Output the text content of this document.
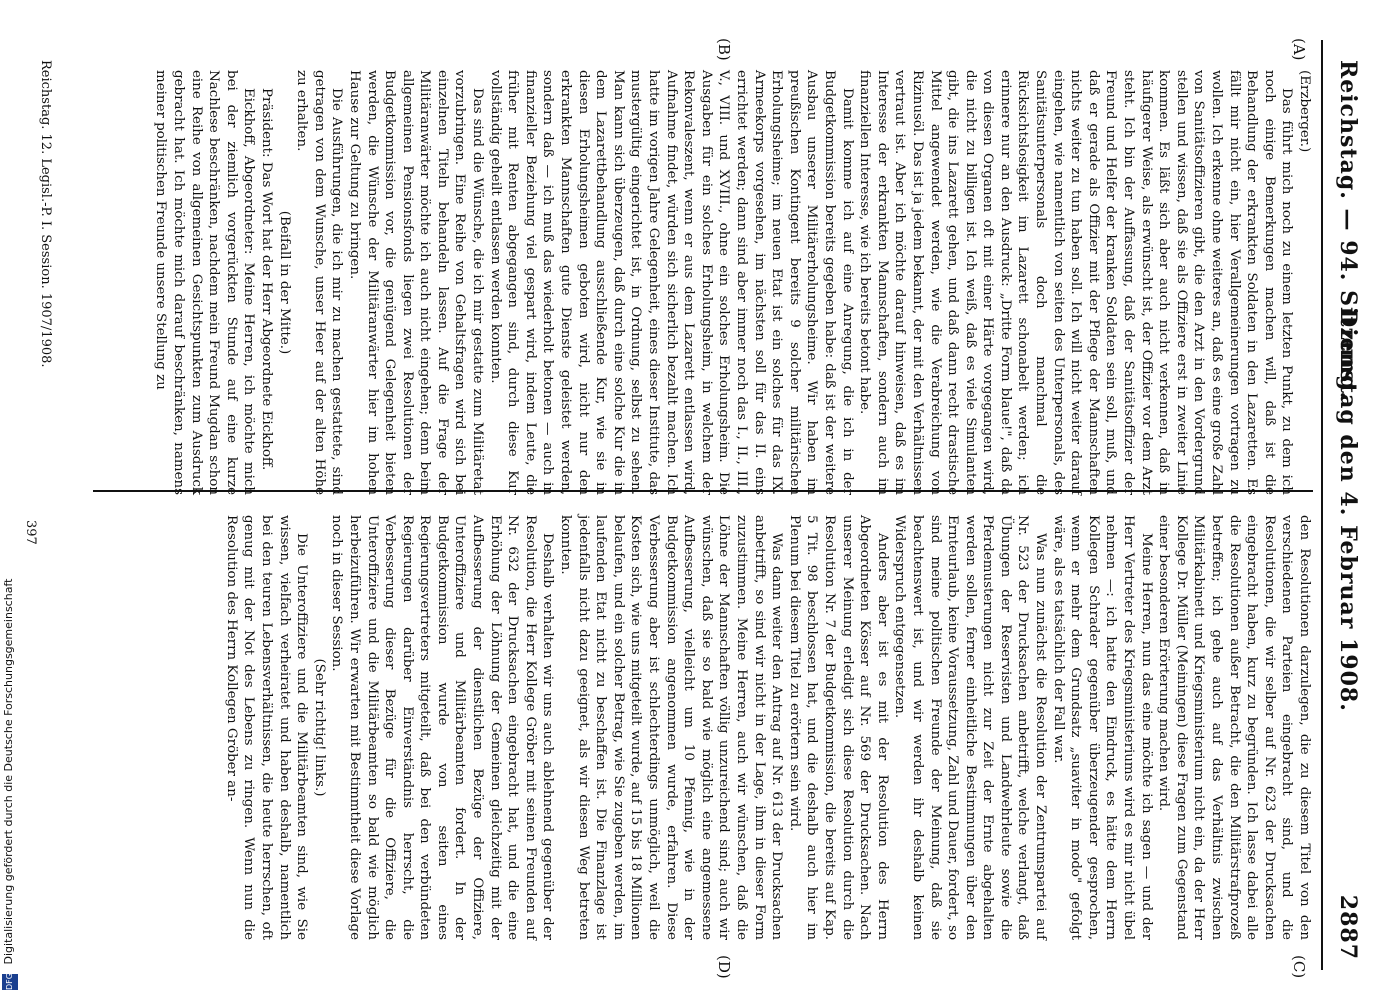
Reichstag. — 94. Sitzung.
Dienstag den 4. Februar 1908.
2887
(A)
(B)
(C)
(D)

(Erzberger.)

Das führt mich noch zu einem letzten Punkt, zu dem ich noch einige Bemerkungen machen will, daß ist die Behandlung der erkrankten Soldaten in den Lazaretten. Es fällt mir nicht ein, hier Verallgemeinerungen vortragen zu wollen. Ich erkenne ohne weiteres an, daß es eine große Zahl von Sanitätsoffizieren gibt, die den Arzt in den Vordergrund stellen und wissen, daß sie als Offiziere erst in zweiter Linie kommen. Es läßt sich aber auch nicht verkennen, daß in häufigerer Weise, als erwünscht ist, der Offizier vor dem Arzt steht. Ich bin der Auffassung, daß der Sanitätsoffizier der Freund und Helfer der kranken Soldaten sein soll, muß, und daß er gerade als Offizier mit der Pflege der Mannschaften nichts weiter zu tun haben soll. Ich will nicht weiter darauf eingehen, wie namentlich von seiten des Unterpersonals, des Sanitätsunterpersonals doch manchmal die Rücksichtslosigkeit im Lazarett schonabelt werden; ich erinnere nur an den Ausdruck: „Dritte Form blaue!", daß da von diesen Organen oft mit einer Härte vorgegangen wird, die nicht zu billigen ist. Ich weiß, daß es viele Simulanten gibt, die ins Lazarett gehen, und daß dann recht drastische Mittel angewendet werden, wie die Verabreichung von Rizinusöl. Das ist ja jedem bekannt, der mit den Verhältnissen vertraut ist. Aber ich möchte darauf hinweisen, daß es im Interesse der erkrankten Mannschaften, sondern auch im finanziellen Interesse, wie ich bereits betont habe.

Damit komme ich auf eine Anregung, die ich in der Budgetkommission bereits gegeben habe: daß ist der weitere Ausbau unserer Militärerholungsheime. Wir haben im preußischen Kontingent bereits 9 solcher militärischen Erholungsheime; im neuen Etat ist ein solches für das IX. Armeekorps vorgesehen, im nächsten soll für das II. eins errichtet werden; dann sind aber immer noch das I., II., III., V., VIII. und XVIII., ohne ein solches Erholungsheim. Die Ausgaben für ein solches Erholungsheim, in welchem der Rekonvaleszent, wenn er aus dem Lazarett entlassen wird, Aufnahme findet, würden sich sicherlich bezahlt machen. Ich hatte im vorigen Jahre Gelegenheit, eines dieser Institute, das mustergültig eingerichtet ist, in Ordnung, selbst zu sehen. Man kann sich überzeugen, daß durch eine solche Kur die in dem Lazarettbehandlung ausschließende Kur, wie sie in diesen Erholungsheimen geboten wird, nicht nur den erkrankten Mannschaften gute Dienste geleistet werden, sondern daß — ich muß das wiederholt betonen — auch in finanzieller Beziehung viel gespart wird, indem Leute, die früher mit Renten abgegangen sind, durch diese Kur vollständig geheilt entlassen werden konnten.

Das sind die Wünsche, die ich mir gestatte zum Militäretat vorzubringen. Eine Reihe von Gehaltsfragen wird sich bei einzelnen Titeln behandeln lassen. Auf die Frage der Militäranwärter möchte ich auch nicht eingehen; denn beim allgemeinen Pensionsfonds liegen zwei Resolutionen der Budgetkommission vor, die genügend Gelegenheit bieten werden, die Wünsche der Militäranwärter hier im hohen Hause zur Geltung zu bringen.

Die Ausführungen, die ich mir zu machen gestattete, sind getragen von dem Wunsche, unser Heer auf der alten Höhe zu erhalten.

(Beifall in der Mitte.)

Präsident: Das Wort hat der Herr Abgeordnete Eickhoff.

Eickhoff, Abgeordneter: Meine Herren, ich möchte mich bei der ziemlich vorgerückten Stunde auf eine kurze Nachlese beschränken, nachdem mein Freund Mugdan schon eine Reihe von allgemeinen Gesichtspunkten zum Ausdruck gebracht hat. Ich möchte mich darauf beschränken, namens meiner politischen Freunde unsere Stellung zu

den Resolutionen darzulegen, die zu diesem Titel von den verschiedenen Parteien eingebracht sind, und die Resolutionen, die wir selber auf Nr. 623 der Drucksachen eingebracht haben, kurz zu begründen. Ich lasse dabei alle die Resolutionen außer Betracht, die den Militärstrafprozeß betreffen; ich gehe auch auf das Verhältnis zwischen Militärkabinett und Kriegsministerium nicht ein, da der Herr Kollege Dr. Müller (Meiningen) diese Fragen zum Gegenstand einer besonderen Erörterung machen wird.

Meine Herren, nun das eine möchte ich sagen — und der Herr Vertreter des Kriegsministeriums wird es mir nicht übel nehmen —: ich hatte den Eindruck, es hätte dem Herrn Kollegen Schrader gegenüber überzeugender gesprochen, wenn er mehr dem Grundsatz „suaviter in modo" gefolgt wäre, als es tatsächlich der Fall war.

Was nun zunächst die Resolution der Zentrumspartei auf Nr. 523 der Drucksachen anbetrifft, welche verlangt, daß Übungen der Reservisten und Landwehrleute sowie die Pferdemusterungen nicht zur Zeit der Ernte abgehalten werden sollen, ferner einheitliche Bestimmungen über den Ernteurlaub, keine Voraussetzung, Zahl und Dauer, fordert, so sind meine politischen Freunde der Meinung, daß sie beachtenswert ist, und wir werden ihr deshalb keinen Widerspruch entgegensetzen.

Anders aber ist es mit der Resolution des Herrn Abgeordneten Kösser auf Nr. 569 der Drucksachen. Nach unserer Meinung erledigt sich diese Resolution durch die Resolution Nr. 7 der Budgetkommission, die bereits auf Kap. 5 Tit. 98 beschlossen hat, und die deshalb auch hier im Plenum bei diesem Titel zu erörtern sein wird.

Was dann weiter den Antrag auf Nr. 613 der Drucksachen anbetrifft, so sind wir nicht in der Lage, ihm in dieser Form zuzustimmen. Meine Herren, auch wir wünschen, daß die Löhne der Mannschaften völlig unzureichend sind; auch wir wünschen, daß sie so bald wie möglich eine angemessene Aufbesserung, vielleicht um 10 Pfennig, wie in der Budgetkommission angenommen wurde, erfahren. Diese Verbesserung aber ist schlechterdings unmöglich, weil die Kosten sich, wie uns mitgeteilt wurde, auf 15 bis 18 Millionen belaufen, und ein solcher Betrag, wie Sie zugeben werden, im laufenden Etat nicht zu beschaffen ist. Die Finanzlage ist jedenfalls nicht dazu geeignet, als wir diesen Weg betreten konnten.

Deshalb verhalten wir uns auch ablehnend gegenüber der Resolution, die Herr Kollege Gröber mit seinen Freunden auf Nr. 632 der Drucksachen eingebracht hat, und die eine Erhöhung der Löhnung der Gemeinen gleichzeitig mit der Aufbesserung der dienstlichen Bezüge der Offiziere, Unteroffiziere und Militärbeamten fordert. In der Budgetkommission wurde von seiten eines Regierungsvertreters mitgeteilt, daß bei den verbündeten Regierungen darüber Einverständnis herrscht, die Verbesserung dieser Bezüge für die Offiziere, die Unteroffiziere und die Militärbeamten so bald wie möglich herbeizuführen. Wir erwarten mit Bestimmtheit diese Vorlage noch in dieser Session.

(Sehr richtig! links.)

Die Unteroffiziere und die Militärbeamten sind, wie Sie wissen, vielfach verheiratet und haben deshalb, namentlich bei den teuren Lebensverhältnissen, die heute herrschen, oft genug mit der Not des Lebens zu ringen. Wenn nun die Resolution des Herrn Kollegen Gröber an-

Reichstag. 12. Legisl.-P. I. Session. 1907/1908.
397
DFG Digitalisierung gefördert durch die Deutsche Forschungsgemeinschaft
